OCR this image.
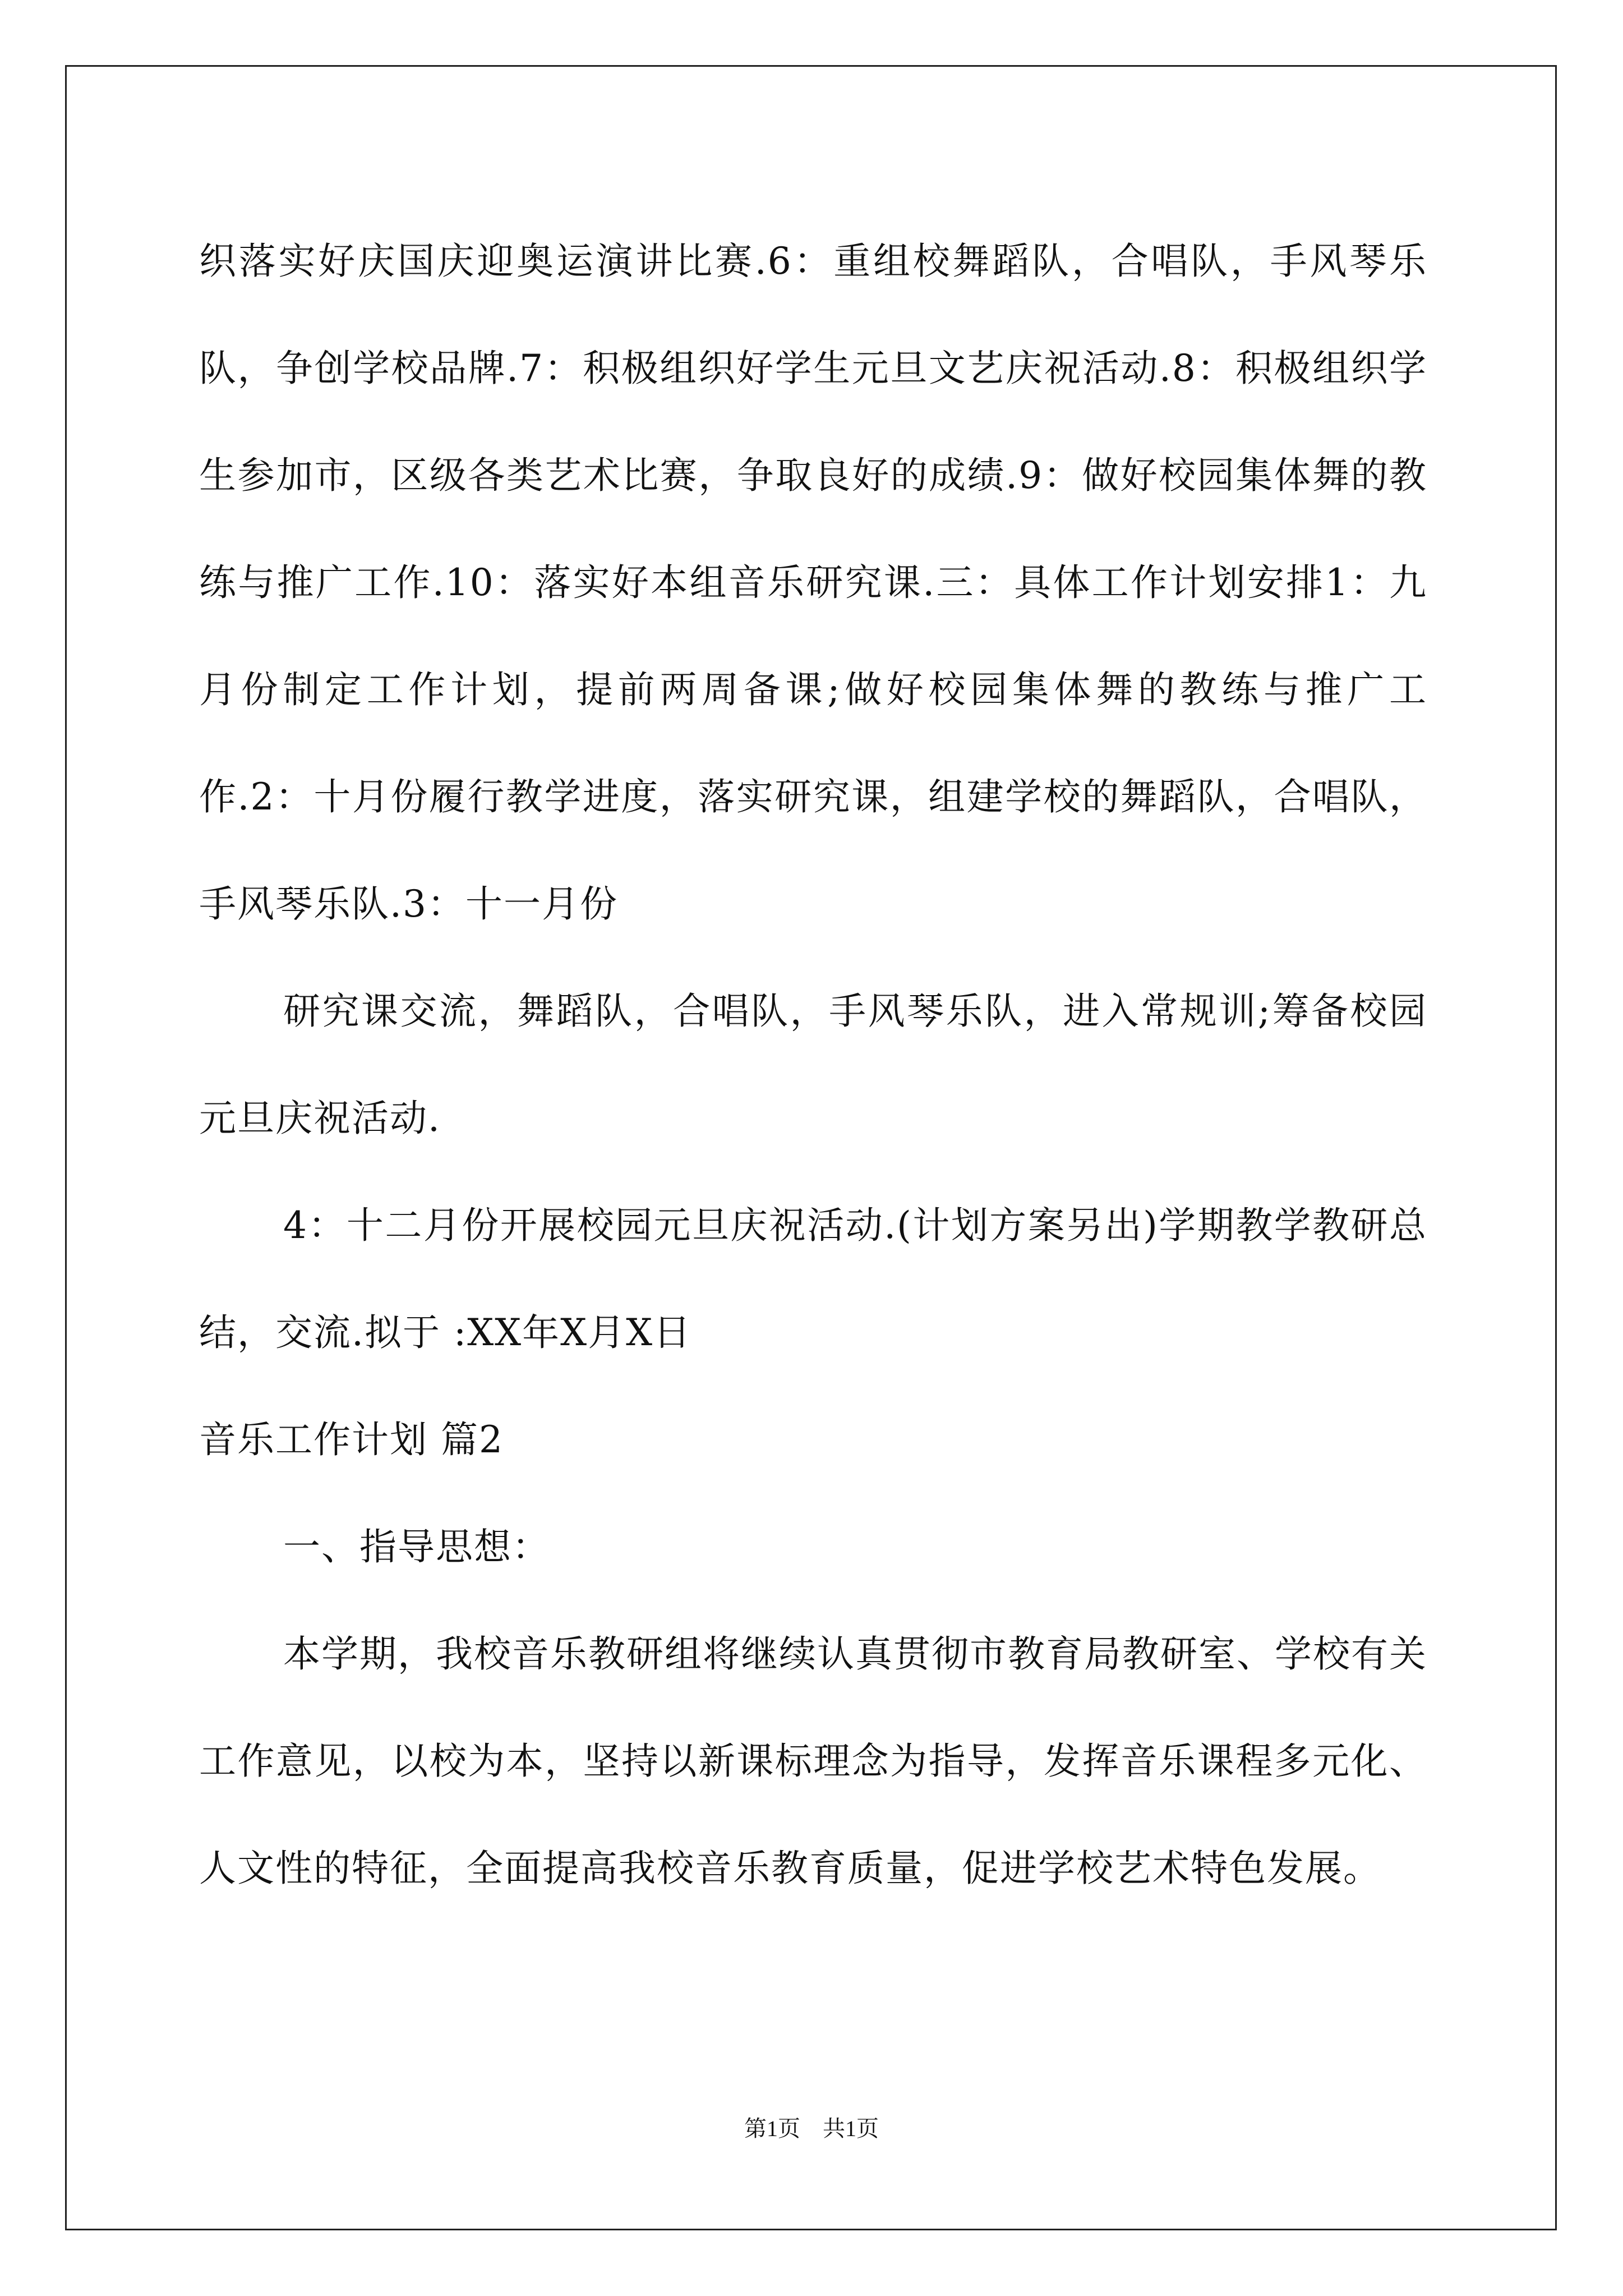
织落实好庆国庆迎奥运演讲比赛.6：重组校舞蹈队，合唱队，手风琴乐队，争创学校品牌.7：积极组织好学生元旦文艺庆祝活动.8：积极组织学生参加市，区级各类艺术比赛，争取良好的成绩.9：做好校园集体舞的教练与推广工作.10：落实好本组音乐研究课.三：具体工作计划安排1：九月份制定工作计划，提前两周备课;做好校园集体舞的教练与推广工作.2：十月份履行教学进度，落实研究课，组建学校的舞蹈队，合唱队，手风琴乐队.3：十一月份

研究课交流，舞蹈队，合唱队，手风琴乐队，进入常规训;筹备校园元旦庆祝活动.

4：十二月份开展校园元旦庆祝活动.(计划方案另出)学期教学教研总结，交流.拟于 :XX年X月X日

音乐工作计划 篇2

一、指导思想：

本学期，我校音乐教研组将继续认真贯彻市教育局教研室、学校有关工作意见，以校为本，坚持以新课标理念为指导，发挥音乐课程多元化、人文性的特征，全面提高我校音乐教育质量，促进学校艺术特色发展。

第1页　共1页
